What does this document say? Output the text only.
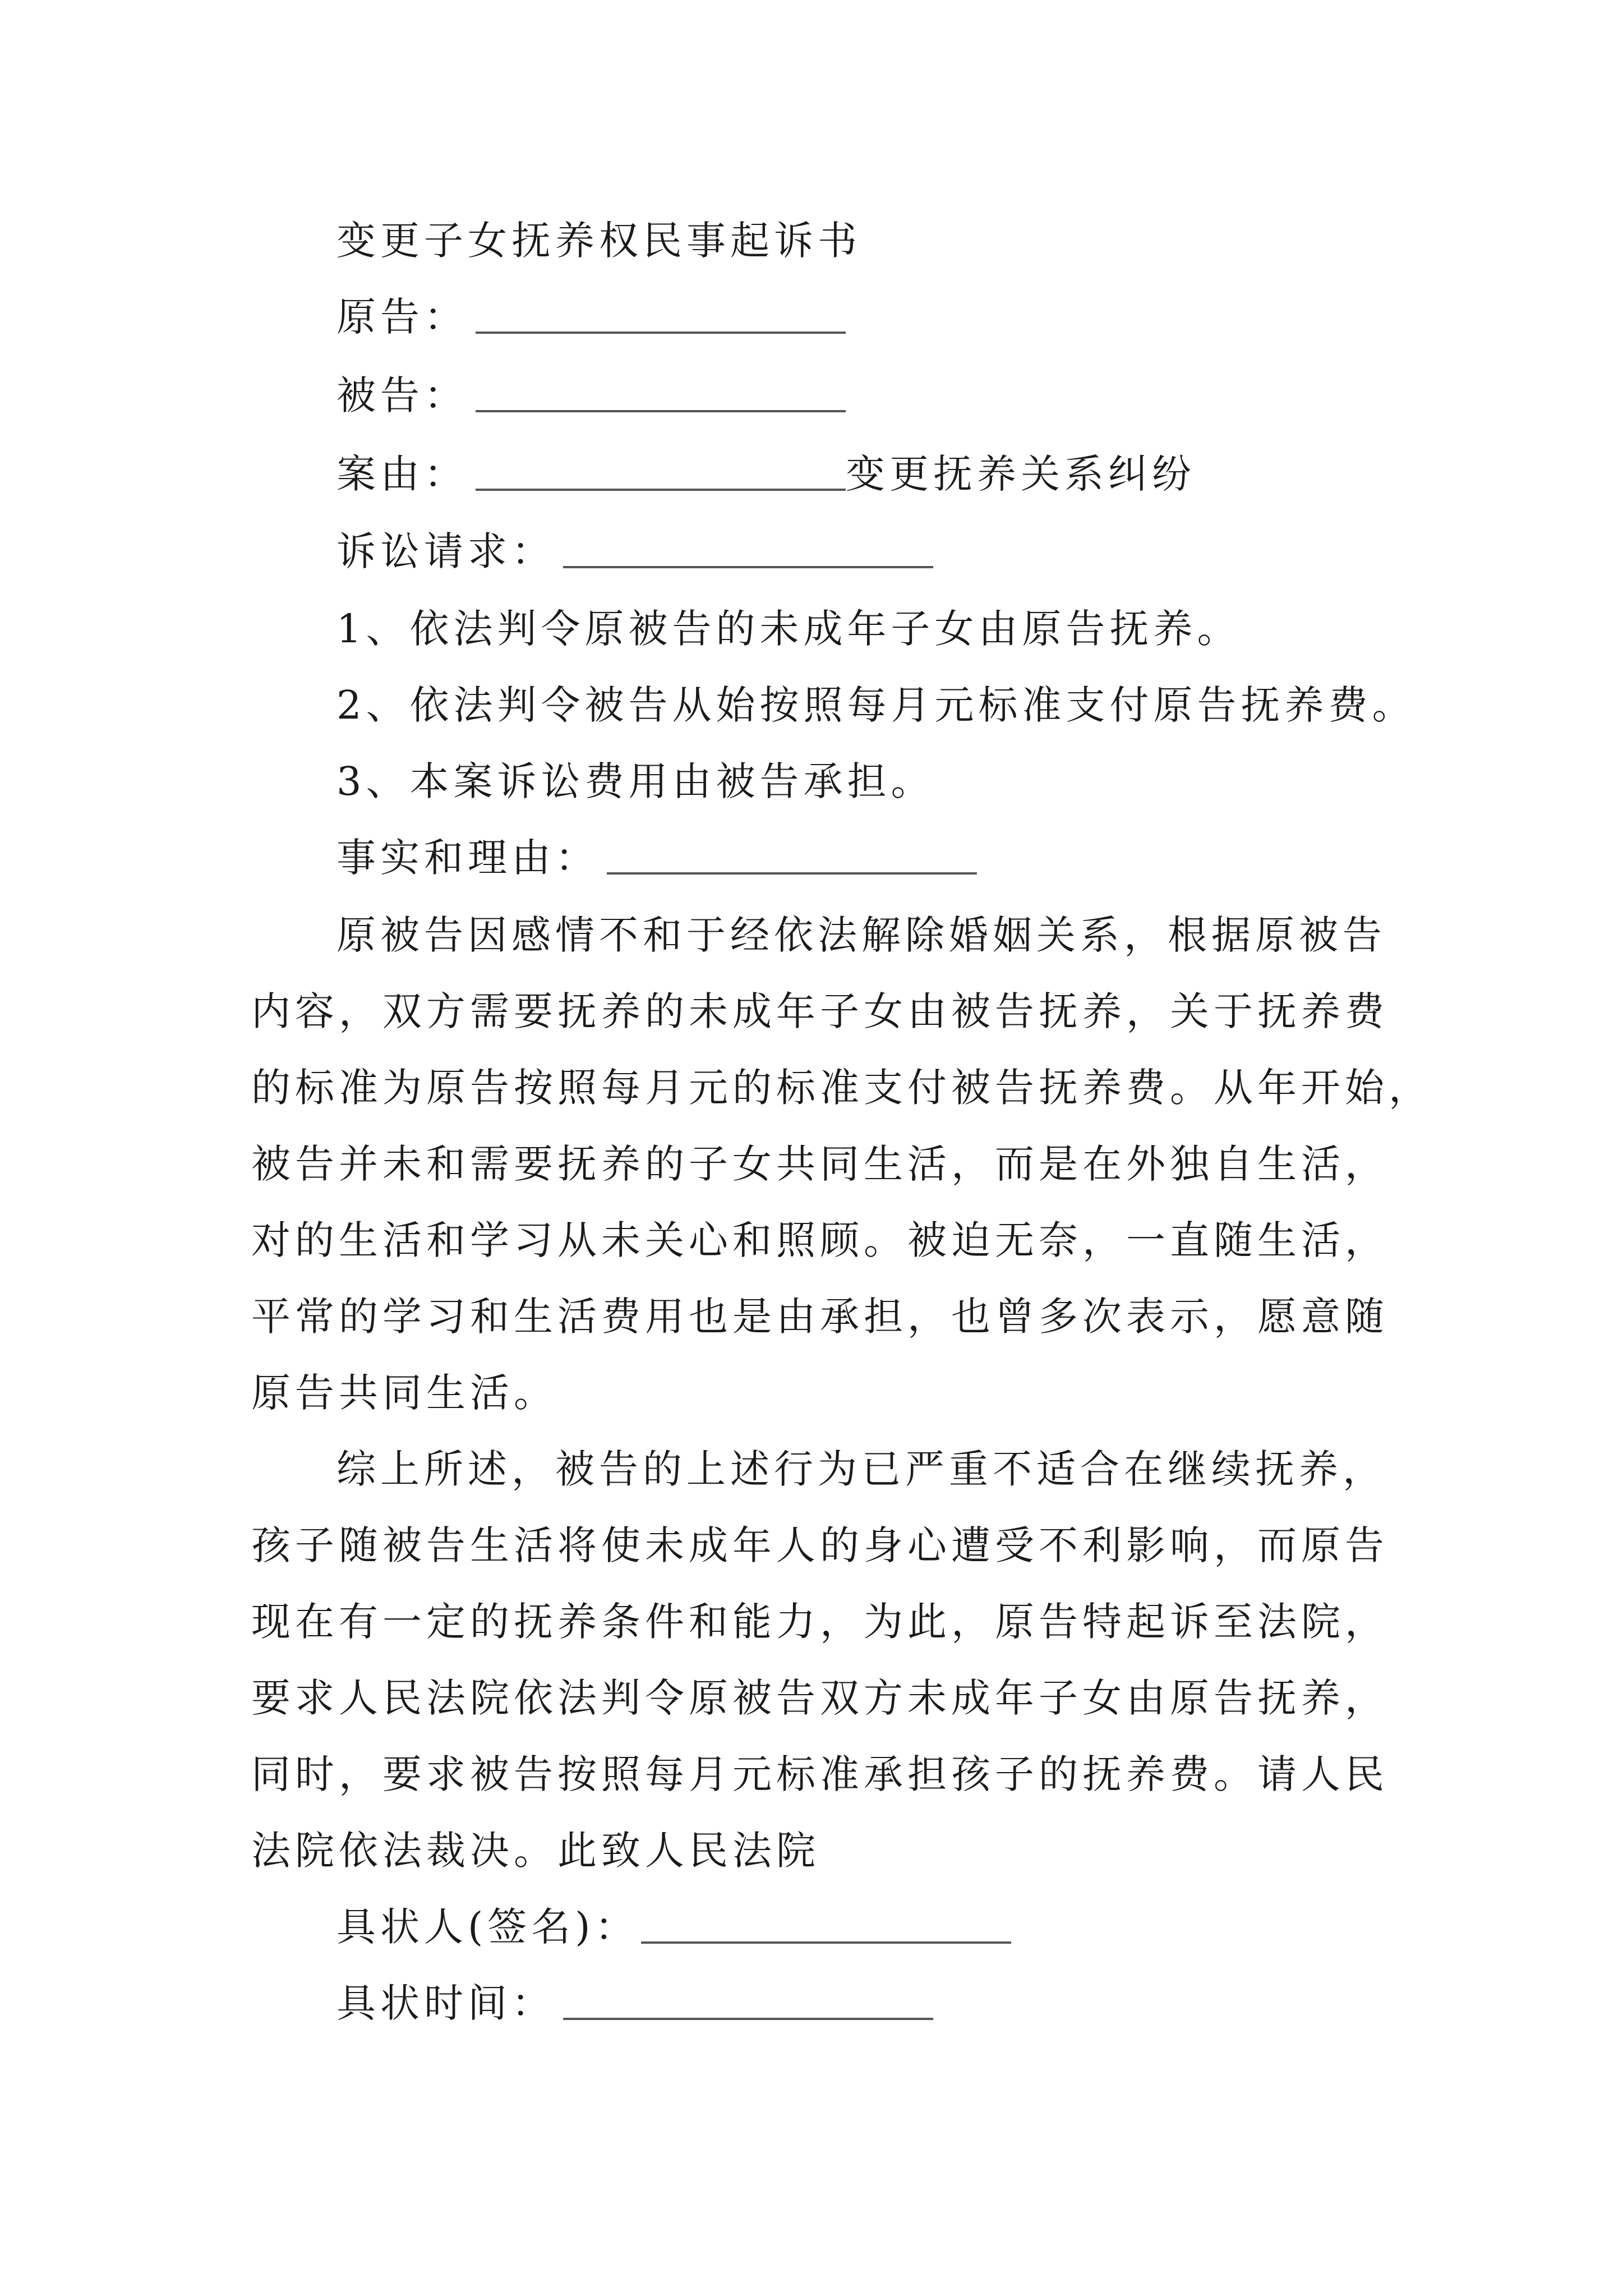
变更子女抚养权民事起诉书
原告：
被告：
案由：	变更抚养关系纠纷
诉讼请求：
1、依法判令原被告的未成年子女由原告抚养。
2、依法判令被告从始按照每月元标准支付原告抚养费。
3、本案诉讼费用由被告承担。
事实和理由：
原被告因感情不和于经依法解除婚姻关系，根据原被告
内容，双方需要抚养的未成年子女由被告抚养，关于抚养费
的标准为原告按照每月元的标准支付被告抚养费。从年开始，
被告并未和需要抚养的子女共同生活，而是在外独自生活，
对的生活和学习从未关心和照顾。被迫无奈，一直随生活，
平常的学习和生活费用也是由承担，也曾多次表示，愿意随
原告共同生活。
综上所述，被告的上述行为已严重不适合在继续抚养，
孩子随被告生活将使未成年人的身心遭受不利影响，而原告
现在有一定的抚养条件和能力，为此，原告特起诉至法院，
要求人民法院依法判令原被告双方未成年子女由原告抚养，
同时，要求被告按照每月元标准承担孩子的抚养费。请人民
法院依法裁决。此致人民法院
具状人(签名)：
具状时间：
